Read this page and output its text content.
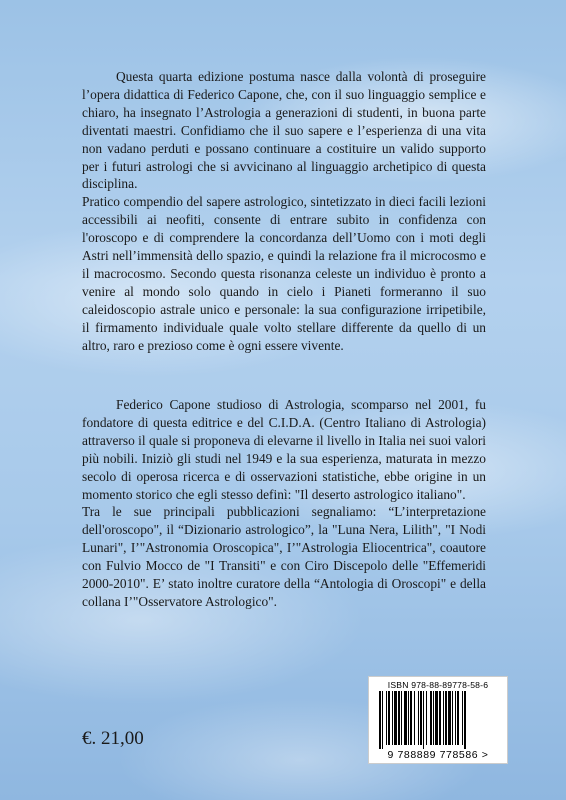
Questa quarta edizione postuma nasce dalla volontà di proseguire l’opera didattica di Federico Capone, che, con il suo linguaggio semplice e chiaro, ha insegnato l’Astrologia a generazioni di studenti, in buona parte diventati maestri. Confidiamo che il suo sapere e l’esperienza di una vita non vadano perduti e possano continuare a costituire un valido supporto per i futuri astrologi che si avvicinano al linguaggio archetipico di questa disciplina.

Pratico compendio del sapere astrologico, sintetizzato in dieci facili lezioni accessibili ai neofiti, consente di entrare subito in confidenza con l'oroscopo e di comprendere la concordanza dell’Uomo con i moti degli Astri nell’immensità dello spazio, e quindi la relazione fra il microcosmo e il macrocosmo. Secondo questa risonanza celeste un individuo è pronto a venire al mondo solo quando in cielo i Pianeti formeranno il suo caleidoscopio astrale unico e personale: la sua configurazione irripetibile, il firmamento individuale quale volto stellare differente da quello di un altro, raro e prezioso come è ogni essere vivente.

Federico Capone studioso di Astrologia, scomparso nel 2001, fu fondatore di questa editrice e del C.I.D.A. (Centro Italiano di Astrologia) attraverso il quale si proponeva di elevarne il livello in Italia nei suoi valori più nobili. Iniziò gli studi nel 1949 e la sua esperienza, maturata in mezzo secolo di operosa ricerca e di osservazioni statistiche, ebbe origine in un momento storico che egli stesso definì: "Il deserto astrologico italiano".

Tra le sue principali pubblicazioni segnaliamo: “L’interpretazione dell'oroscopo", il “Dizionario astrologico”, la "Luna Nera, Lilith", "I Nodi Lunari", I’"Astronomia Oroscopica", I’"Astrologia Eliocentrica", coautore con Fulvio Mocco de "I Transiti" e con Ciro Discepolo delle "Effemeridi 2000-2010". E’ stato inoltre curatore della “Antologia di Oroscopi" e della collana I’"Osservatore Astrologico".

€. 21,00
ISBN 978-88-89778-58-6
9 788889 778586 >
